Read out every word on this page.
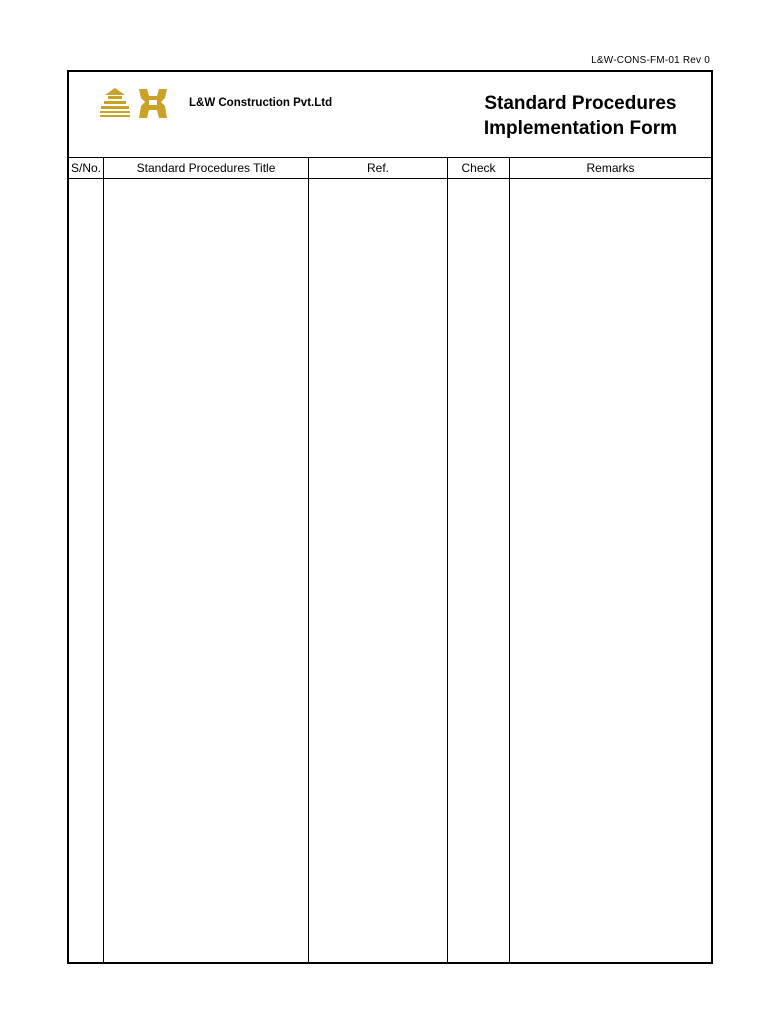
L&W-CONS-FM-01 Rev 0
L&W Construction Pvt.Ltd	Standard Procedures
Implementation Form
S/No.	Standard Procedures Title	Ref.	Check	Remarks
